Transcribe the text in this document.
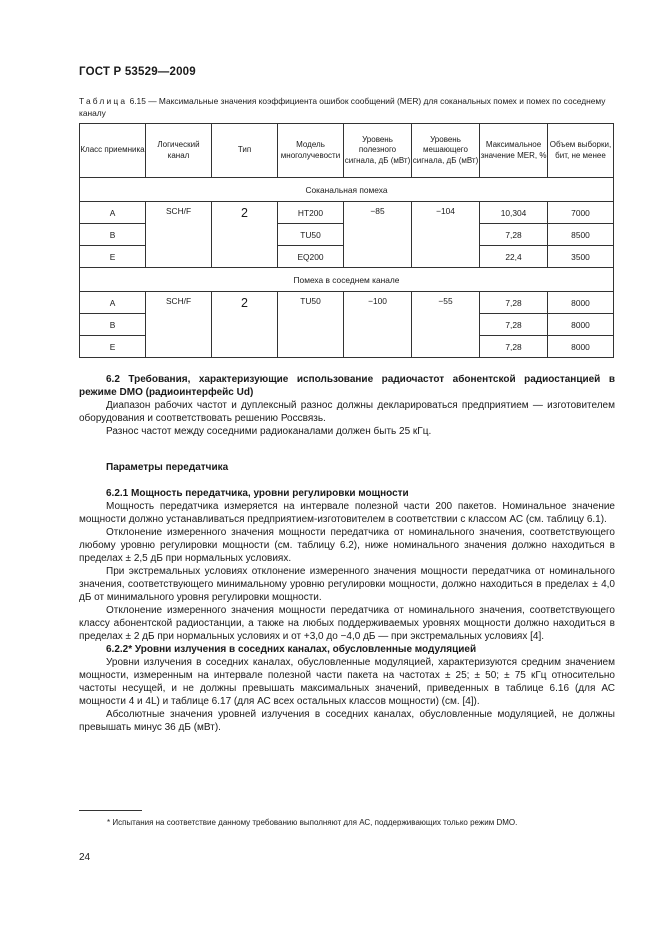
ГОСТ Р 53529—2009
Таблица 6.15 — Максимальные значения коэффициента ошибок сообщений (MER) для соканальных помех и помех по соседнему каналу
Класс приемника	Логический канал	Тип	Модель многолучевости	Уровень полезного сигнала, дБ (мВт)	Уровень мешающего сигнала, дБ (мВт)	Максимальное значение MER, %	Объем выборки, бит, не менее
Соканальная помеха							
A	SCH/F	2	HT200	−85	−104	10,304	7000
B			TU50			7,28	8500
E			EQ200			22,4	3500
Помеха в соседнем канале							
A	SCH/F	2	TU50	−100	−55	7,28	8000
B						7,28	8000
E						7,28	8000

6.2 Требования, характеризующие использование радиочастот абонентской радиостанцией в режиме DMO (радиоинтерфейс Ud)

Диапазон рабочих частот и дуплексный разнос должны декларироваться предприятием — изготовителем оборудования и соответствовать решению Россвязь.

Разнос частот между соседними радиоканалами должен быть 25 кГц.

Параметры передатчика

6.2.1 Мощность передатчика, уровни регулировки мощности

Мощность передатчика измеряется на интервале полезной части 200 пакетов. Номинальное значение мощности должно устанавливаться предприятием-изготовителем в соответствии с классом АС (см. таблицу 6.1).

Отклонение измеренного значения мощности передатчика от номинального значения, соответствующего любому уровню регулировки мощности (см. таблицу 6.2), ниже номинального значения должно находиться в пределах ± 2,5 дБ при нормальных условиях.

При экстремальных условиях отклонение измеренного значения мощности передатчика от номинального значения, соответствующего минимальному уровню регулировки мощности, должно находиться в пределах ± 4,0 дБ от минимального уровня регулировки мощности.

Отклонение измеренного значения мощности передатчика от номинального значения, соответствующего классу абонентской радиостанции, а также на любых поддерживаемых уровнях мощности должно находиться в пределах ± 2 дБ при нормальных условиях и от +3,0 до −4,0 дБ — при экстремальных условиях [4].

6.2.2* Уровни излучения в соседних каналах, обусловленные модуляцией

Уровни излучения в соседних каналах, обусловленные модуляцией, характеризуются средним значением мощности, измеренным на интервале полезной части пакета на частотах ± 25; ± 50; ± 75 кГц относительно частоты несущей, и не должны превышать максимальных значений, приведенных в таблице 6.16 (для АС мощности 4 и 4L) и таблице 6.17 (для АС всех остальных классов мощности) (см. [4]).

Абсолютные значения уровней излучения в соседних каналах, обусловленные модуляцией, не должны превышать минус 36 дБ (мВт).

* Испытания на соответствие данному требованию выполняют для АС, поддерживающих только режим DMO.
24
